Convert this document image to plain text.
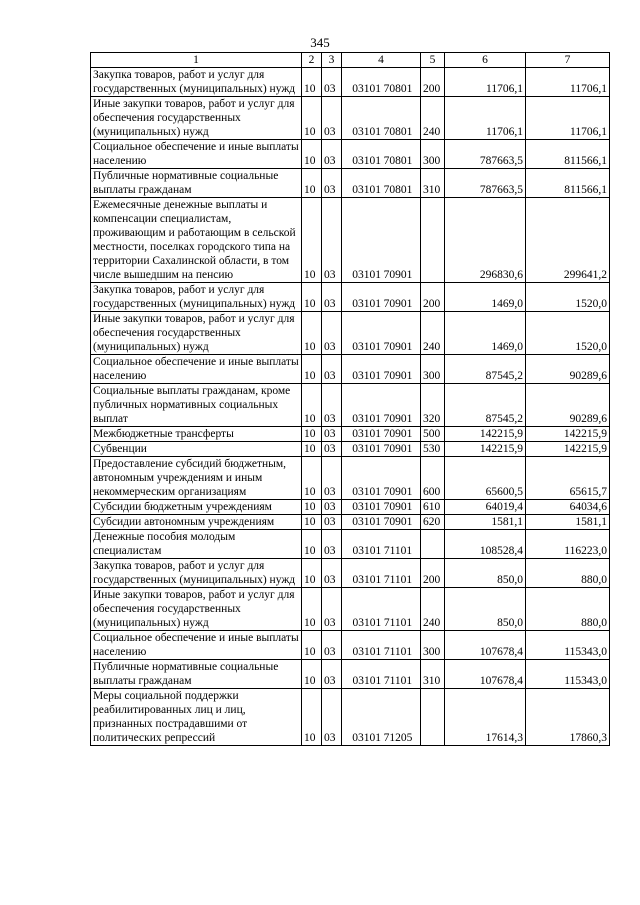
345
1	2	3	4	5	6	7
Закупка товаров, работ и услуг для государственных (муниципальных) нужд	10	03	03101 70801	200	11706,1	11706,1
Иные закупки товаров, работ и услуг для обеспечения государственных (муниципальных) нужд	10	03	03101 70801	240	11706,1	11706,1
Социальное обеспечение и иные выплаты населению	10	03	03101 70801	300	787663,5	811566,1
Публичные нормативные социальные выплаты гражданам	10	03	03101 70801	310	787663,5	811566,1
Ежемесячные денежные выплаты и компенсации специалистам, проживающим и работающим в сельской местности, поселках городского типа на территории Сахалинской области, в том числе вышедшим на пенсию	10	03	03101 70901		296830,6	299641,2
Закупка товаров, работ и услуг для государственных (муниципальных) нужд	10	03	03101 70901	200	1469,0	1520,0
Иные закупки товаров, работ и услуг для обеспечения государственных (муниципальных) нужд	10	03	03101 70901	240	1469,0	1520,0
Социальное обеспечение и иные выплаты населению	10	03	03101 70901	300	87545,2	90289,6
Социальные выплаты гражданам, кроме публичных нормативных социальных выплат	10	03	03101 70901	320	87545,2	90289,6
Межбюджетные трансферты	10	03	03101 70901	500	142215,9	142215,9
Субвенции	10	03	03101 70901	530	142215,9	142215,9
Предоставление субсидий бюджетным, автономным учреждениям и иным некоммерческим организациям	10	03	03101 70901	600	65600,5	65615,7
Субсидии бюджетным учреждениям	10	03	03101 70901	610	64019,4	64034,6
Субсидии автономным учреждениям	10	03	03101 70901	620	1581,1	1581,1
Денежные пособия молодым специалистам	10	03	03101 71101		108528,4	116223,0
Закупка товаров, работ и услуг для государственных (муниципальных) нужд	10	03	03101 71101	200	850,0	880,0
Иные закупки товаров, работ и услуг для обеспечения государственных (муниципальных) нужд	10	03	03101 71101	240	850,0	880,0
Социальное обеспечение и иные выплаты населению	10	03	03101 71101	300	107678,4	115343,0
Публичные нормативные социальные выплаты гражданам	10	03	03101 71101	310	107678,4	115343,0
Меры социальной поддержки реабилитированных лиц и лиц, признанных пострадавшими от политических репрессий	10	03	03101 71205		17614,3	17860,3
